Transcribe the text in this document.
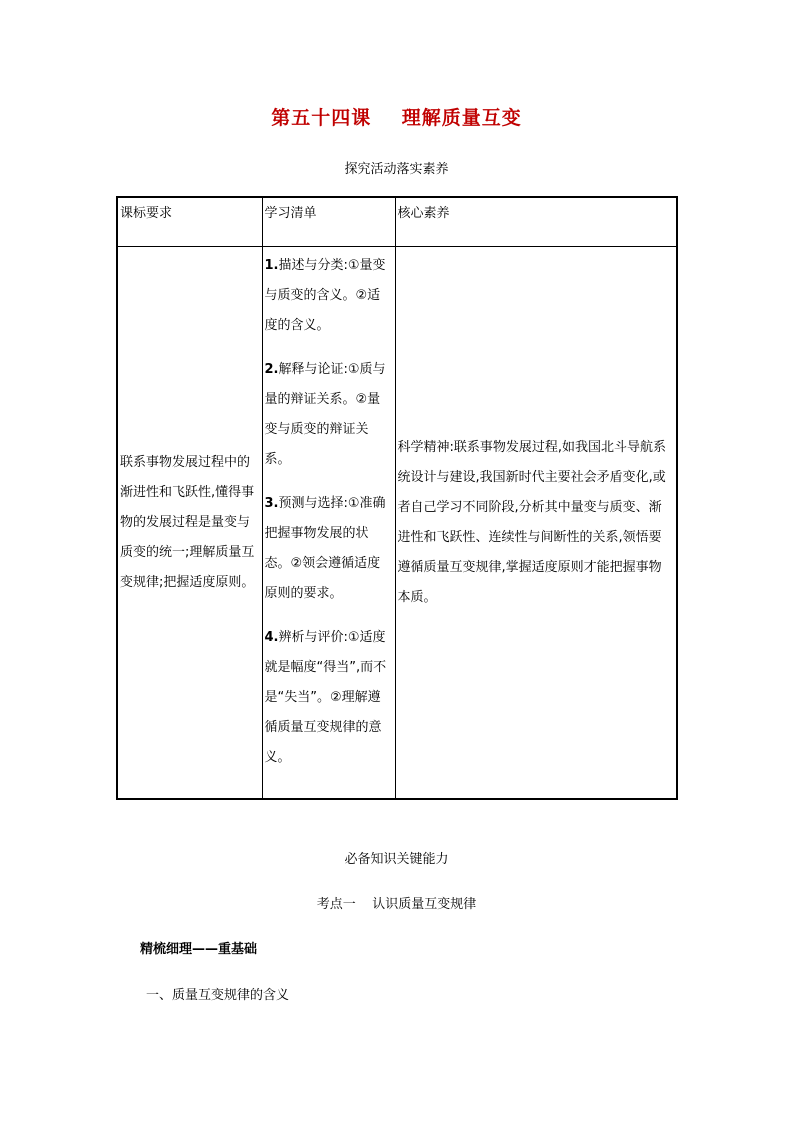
第五十四课    理解质量互变
探究活动落实素养
课标要求	学习清单	核心素养
联系事物发展过程中的渐进性和飞跃性,懂得事物的发展过程是量变与质变的统一;理解质量互变规律;把握适度原则。	1.描述与分类:①量变与质变的含义。②适度的含义。
2.解释与论证:①质与量的辩证关系。②量变与质变的辩证关系。
3.预测与选择:①准确把握事物发展的状态。②领会遵循适度原则的要求。
4.辨析与评价:①适度就是幅度“得当”,而不是“失当”。②理解遵循质量互变规律的意义。	科学精神:联系事物发展过程,如我国北斗导航系统设计与建设,我国新时代主要社会矛盾变化,或者自己学习不同阶段,分析其中量变与质变、渐进性和飞跃性、连续性与间断性的关系,领悟要遵循质量互变规律,掌握适度原则才能把握事物本质。
必备知识关键能力
考点一    认识质量互变规律
精梳细理——重基础
一、质量互变规律的含义
